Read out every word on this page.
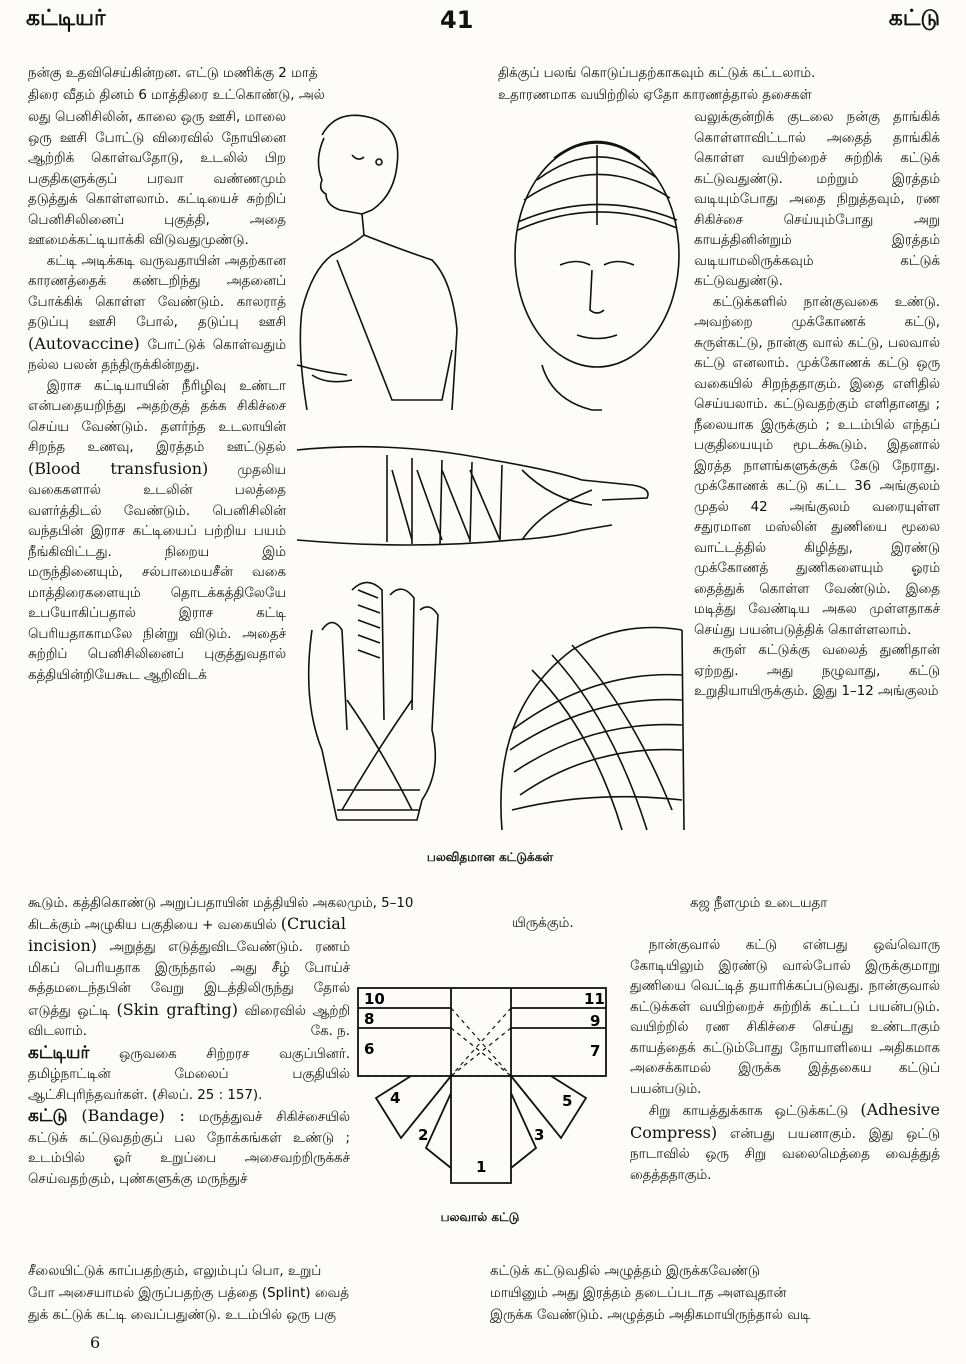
கட்டியர்	41	கட்டு
நன்கு உதவிசெய்கின்றன. எட்டு மணிக்கு 2 மாத்	திக்குப் பலங் கொடுப்பதற்காகவும் கட்டுக் கட்டலாம்.
திரை வீதம் தினம் 6 மாத்திரை உட்கொண்டு, அல்	உதாரணமாக வயிற்றில் ஏதோ காரணத்தால் தசைகள்

லது பெனிசிலின், காலை ஒரு ஊசி, மாலை ஒரு ஊசி போட்டு விரைவில் நோயினை ஆற்றிக் கொள்வதோடு, உடலில் பிற பகுதிகளுக்குப் பரவா வண்ணமும் தடுத்துக் கொள்ளலாம். கட்டியைச் சுற்றிப் பெனிசிலினைப் புகுத்தி, அதை ஊமைக்கட்டியாக்கி விடுவதுமுண்டு.

கட்டி அடிக்கடி வருவதாயின் அதற்கான காரணத்தைக் கண்டறிந்து அதனைப் போக்கிக் கொள்ள வேண்டும். காலராத் தடுப்பு ஊசி போல், தடுப்பு ஊசி (Autovaccine) போட்டுக் கொள்வதும் நல்ல பலன் தந்திருக்கின்றது.

இராச கட்டியாயின் நீரிழிவு உண்டா என்பதையறிந்து அதற்குத் தக்க சிகிச்சை செய்ய வேண்டும். தளர்ந்த உடலாயின் சிறந்த உணவு, இரத்தம் ஊட்டுதல் (Blood transfusion) முதலிய வகைகளால் உடலின் பலத்தை வளர்த்திடல் வேண்டும். பெனிசிலின் வந்தபின் இராச கட்டியைப் பற்றிய பயம் நீங்கிவிட்டது. நிறைய இம் மருந்தினையும், சல்பாமையசீன் வகை மாத்திரைகளையும் தொடக்கத்திலேயே உபயோகிப்பதால் இராச கட்டி பெரியதாகாமலே நின்று விடும். அதைச் சுற்றிப் பெனிசிலினைப் புகுத்துவதால் கத்தியின்றியேகூட ஆறிவிடக்

பலவிதமான கட்டுக்கள்

வலுக்குன்றிக் குடலை நன்கு தாங்கிக் கொள்ளாவிட்டால் அதைத் தாங்கிக் கொள்ள வயிற்றைச் சுற்றிக் கட்டுக் கட்டுவதுண்டு. மற்றும் இரத்தம் வடியும்போது அதை நிறுத்தவும், ரண சிகிச்சை செய்யும்போது அறு காயத்தினின்றும் இரத்தம் வடியாமலிருக்கவும் கட்டுக் கட்டுவதுண்டு.

கட்டுக்களில் நான்குவகை உண்டு. அவற்றை முக்கோணக் கட்டு, சுருள்கட்டு, நான்கு வால் கட்டு, பலவால் கட்டு எனலாம். முக்கோணக் கட்டு ஒரு வகையில் சிறந்ததாகும். இதை எளிதில் செய்யலாம். கட்டுவதற்கும் எளிதானது ; நீலையாக இருக்கும் ; உடம்பில் எந்தப் பகுதியையும் மூடக்கூடும். இதனால் இரத்த நாளங்களுக்குக் கேடு நேராது. முக்கோணக் கட்டு கட்ட 36 அங்குலம் முதல் 42 அங்குலம் வரையுள்ள சதுரமான மஸ்லின் துணியை மூலை வாட்டத்தில் கிழித்து, இரண்டு முக்கோணத் துணிகளையும் ஓரம் தைத்துக் கொள்ள வேண்டும். இதை மடித்து வேண்டிய அகல முள்ளதாகச் செய்து பயன்படுத்திக் கொள்ளலாம்.

சுருள் கட்டுக்கு வலைத் துணிதான் ஏற்றது. அது நழுவாது, கட்டு உறுதியாயிருக்கும். இது 1–12 அங்குலம்

கூடும். கத்திகொண்டு அறுப்பதாயின் மத்தியில் அகலமும், 5–10	கஜ நீளமும் உடையதா
கிடக்கும் அழுகிய பகுதியை + வகையில் (Crucial	யிருக்கும்.

incision) அறுத்து எடுத்துவிடவேண்டும். ரணம் மிகப் பெரியதாக இருந்தால் அது சீழ் போய்ச் சுத்தமடைந்தபின் வேறு இடத்திலிருந்து தோல் எடுத்து ஒட்டி (Skin grafting) விரைவில் ஆற்றி விடலாம்.	கே. ந.

கட்டியர் ஒருவகை சிற்றரச வகுப்பினர். தமிழ்நாட்டின் மேலைப் பகுதியில் ஆட்சிபுரிந்தவர்கள். (சிலப். 25 : 157).

கட்டு (Bandage) : மருத்துவச் சிகிச்சையில் கட்டுக் கட்டுவதற்குப் பல நோக்கங்கள் உண்டு ; உடம்பில் ஓர் உறுப்பை அசைவற்றிருக்கச் செய்வதற்கும், புண்களுக்கு மருந்துச்

10	11
8	9
6	7
4	5
2	3
1
பலவால் கட்டு

நான்குவால் கட்டு என்பது ஒவ்வொரு கோடியிலும் இரண்டு வால்போல் இருக்குமாறு துணியை வெட்டித் தயாரிக்கப்படுவது. நான்குவால் கட்டுக்கள் வயிற்றைச் சுற்றிக் கட்டப் பயன்படும். வயிற்றில் ரண சிகிச்சை செய்து உண்டாகும் காயத்தைக் கட்டும்போது நோயாளியை அதிகமாக அசைக்காமல் இருக்க இத்தகைய கட்டுப் பயன்படும்.

சிறு காயத்துக்காக ஒட்டுக்கட்டு (Adhesive Compress) என்பது பயனாகும். இது ஒட்டு நாடாவில் ஒரு சிறு வலைமெத்தை வைத்துத் தைத்ததாகும்.

சீலையிட்டுக் காப்பதற்கும், எலும்புப் பொ, உறுப்	கட்டுக் கட்டுவதில் அழுத்தம் இருக்கவேண்டு
போ அசையாமல் இருப்பதற்கு பத்தை (Splint) வைத்	மாயினும் அது இரத்தம் தடைப்படாத அளவுதான்
துக் கட்டுக் கட்டி வைப்பதுண்டு. உடம்பில் ஒரு பகு	இருக்க வேண்டும். அழுத்தம் அதிகமாயிருந்தால் வடி
6
